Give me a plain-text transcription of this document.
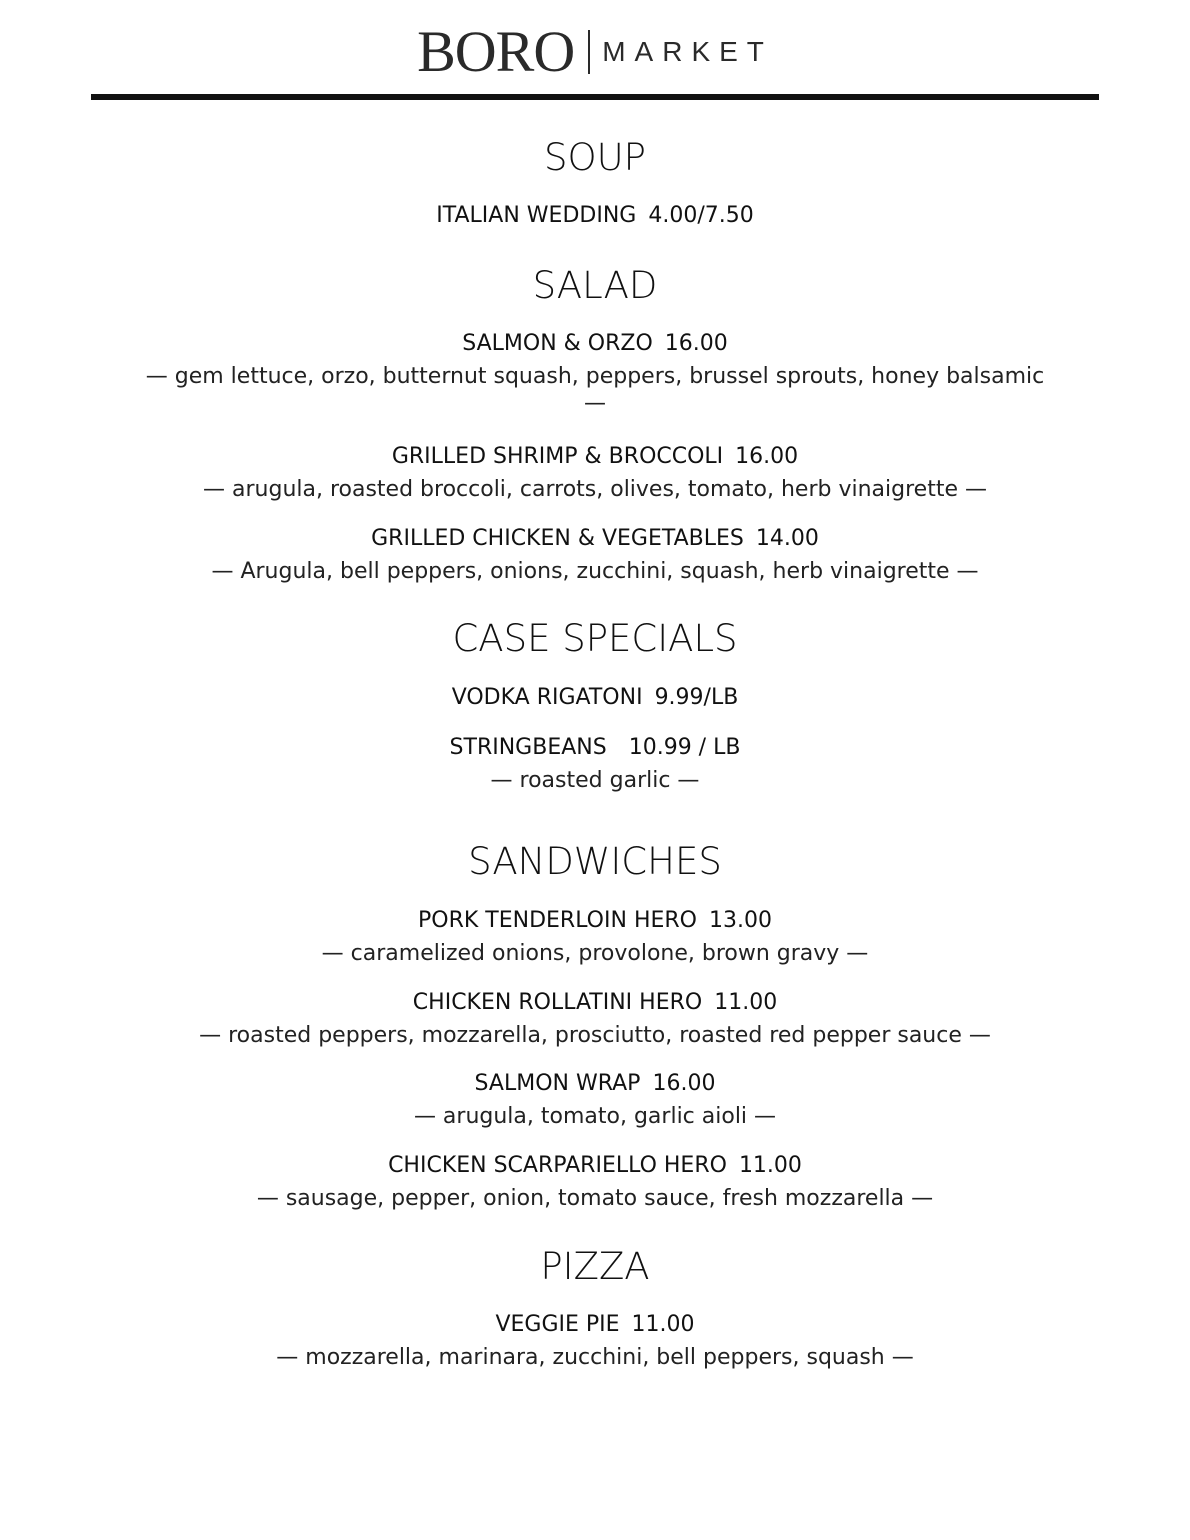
BORO MARKET
SOUP
ITALIAN WEDDING 4.00/7.50
SALAD
SALMON & ORZO 16.00
— gem lettuce, orzo, butternut squash, peppers, brussel sprouts, honey balsamic
—
GRILLED SHRIMP & BROCCOLI 16.00
— arugula, roasted broccoli, carrots, olives, tomato, herb vinaigrette —
GRILLED CHICKEN & VEGETABLES 14.00
— Arugula, bell peppers, onions, zucchini, squash, herb vinaigrette —
CASE SPECIALS
VODKA RIGATONI 9.99/LB
STRINGBEANS 10.99 / LB
— roasted garlic —
SANDWICHES
PORK TENDERLOIN HERO 13.00
— caramelized onions, provolone, brown gravy —
CHICKEN ROLLATINI HERO 11.00
— roasted peppers, mozzarella, prosciutto, roasted red pepper sauce —
SALMON WRAP 16.00
— arugula, tomato, garlic aioli —
CHICKEN SCARPARIELLO HERO 11.00
— sausage, pepper, onion, tomato sauce, fresh mozzarella —
PIZZA
VEGGIE PIE 11.00
— mozzarella, marinara, zucchini, bell peppers, squash —
